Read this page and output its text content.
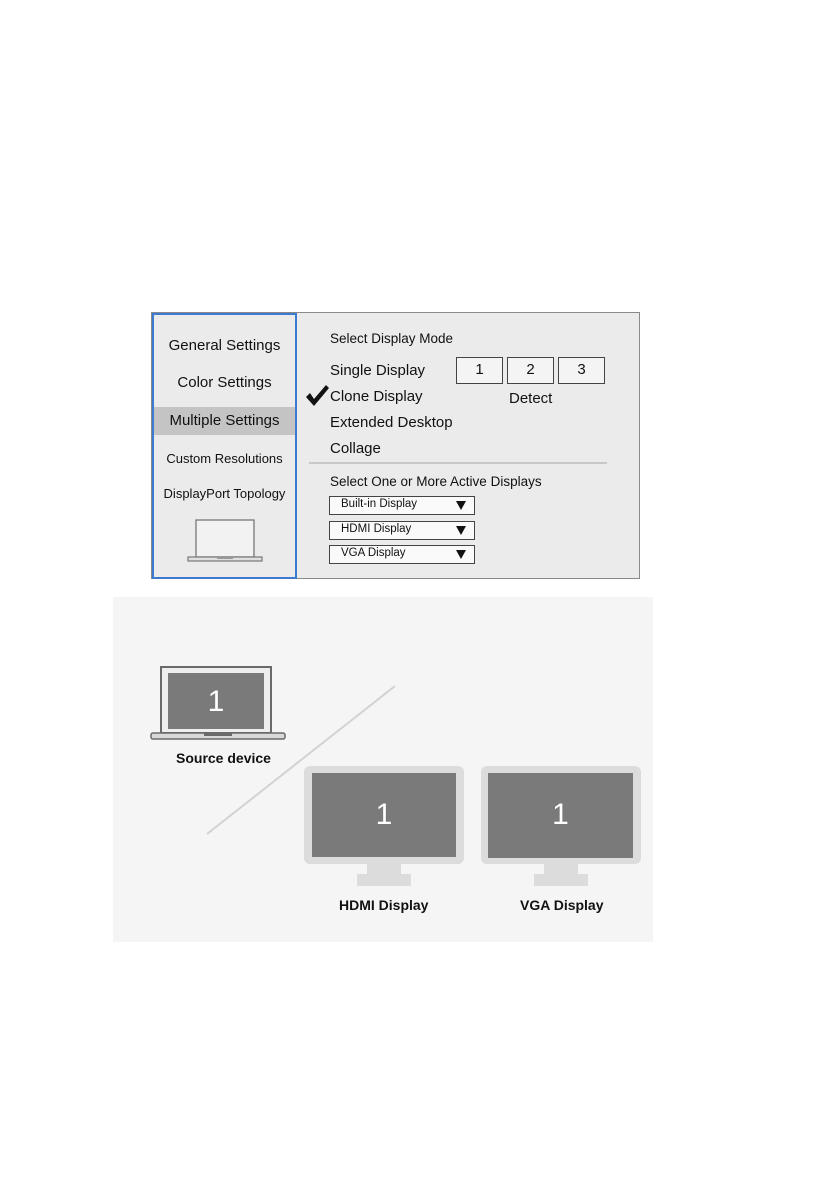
General Settings
Color Settings
Multiple Settings
Custom Resolutions
DisplayPort Topology
Select Display Mode
Single Display
Clone Display
Extended Desktop
Collage
1	2	3
Detect
Select One or More Active Displays
Built-in Display
HDMI Display
VGA Display
1
Source device
1
HDMI Display
1
VGA Display
